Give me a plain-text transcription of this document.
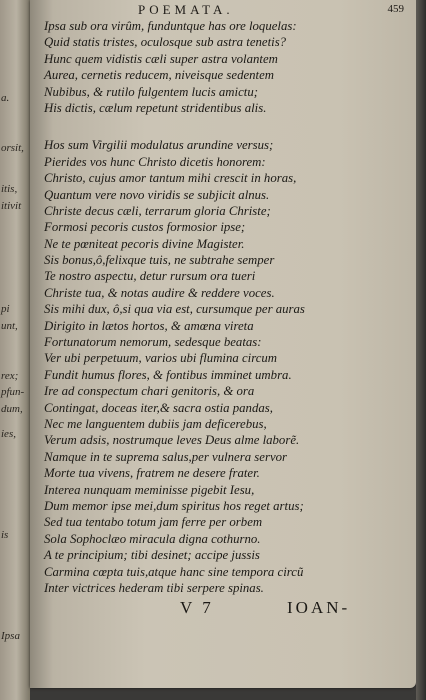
a.
orsit,
itis,
itivit
pi
unt,
rex;
pfun-
dum,
ies,
is
Ipsa
POEMATA.	459
Ipsa sub ora virûm, funduntque has ore loquelas:
Quid statis tristes, oculosque sub astra tenetis?
Hunc quem vidistis cæli super astra volantem
Aurea, cernetis reducem, niveisque sedentem
Nubibus, & rutilo fulgentem lucis amictu;
His dictis, cælum repetunt stridentibus alis.
Hos sum Virgilii modulatus arundine versus;
Pierides vos hunc Christo dicetis honorem:
Christo, cujus amor tantum mihi crescit in horas,
Quantum vere novo viridis se subjicit alnus.
Christe decus cæli, terrarum gloria Christe;
Formosi pecoris custos formosior ipse;
Ne te pœniteat pecoris divine Magister.
Sis bonus,ô,felixque tuis, ne subtrahe semper
Te nostro aspectu, detur rursum ora tueri
Christe tua, & notas audire & reddere voces.
Sis mihi dux, ô,si qua via est, cursumque per auras
Dirigito in lætos hortos, & amœna vireta
Fortunatorum nemorum, sedesque beatas:
Ver ubi perpetuum, varios ubi flumina circum
Fundit humus flores, & fontibus imminet umbra.
Ire ad conspectum chari genitoris, & ora
Contingat, doceas iter,& sacra ostia pandas,
Nec me languentem dubiis jam deficerebus,
Verum adsis, nostrumque leves Deus alme laborẽ.
Namque in te suprema salus,per vulnera servor
Morte tua vivens, fratrem ne desere frater.
Interea nunquam meminisse pigebit Iesu,
Dum memor ipse mei,dum spiritus hos reget artus;
Sed tua tentabo totum jam ferre per orbem
Sola Sophoclæo miracula digna cothurno.
A te principium; tibi desinet; accipe jussis
Carmina cœpta tuis,atque hanc sine tempora circũ
Inter victrices hederam tibi serpere spinas.
V 7	IOAN-
